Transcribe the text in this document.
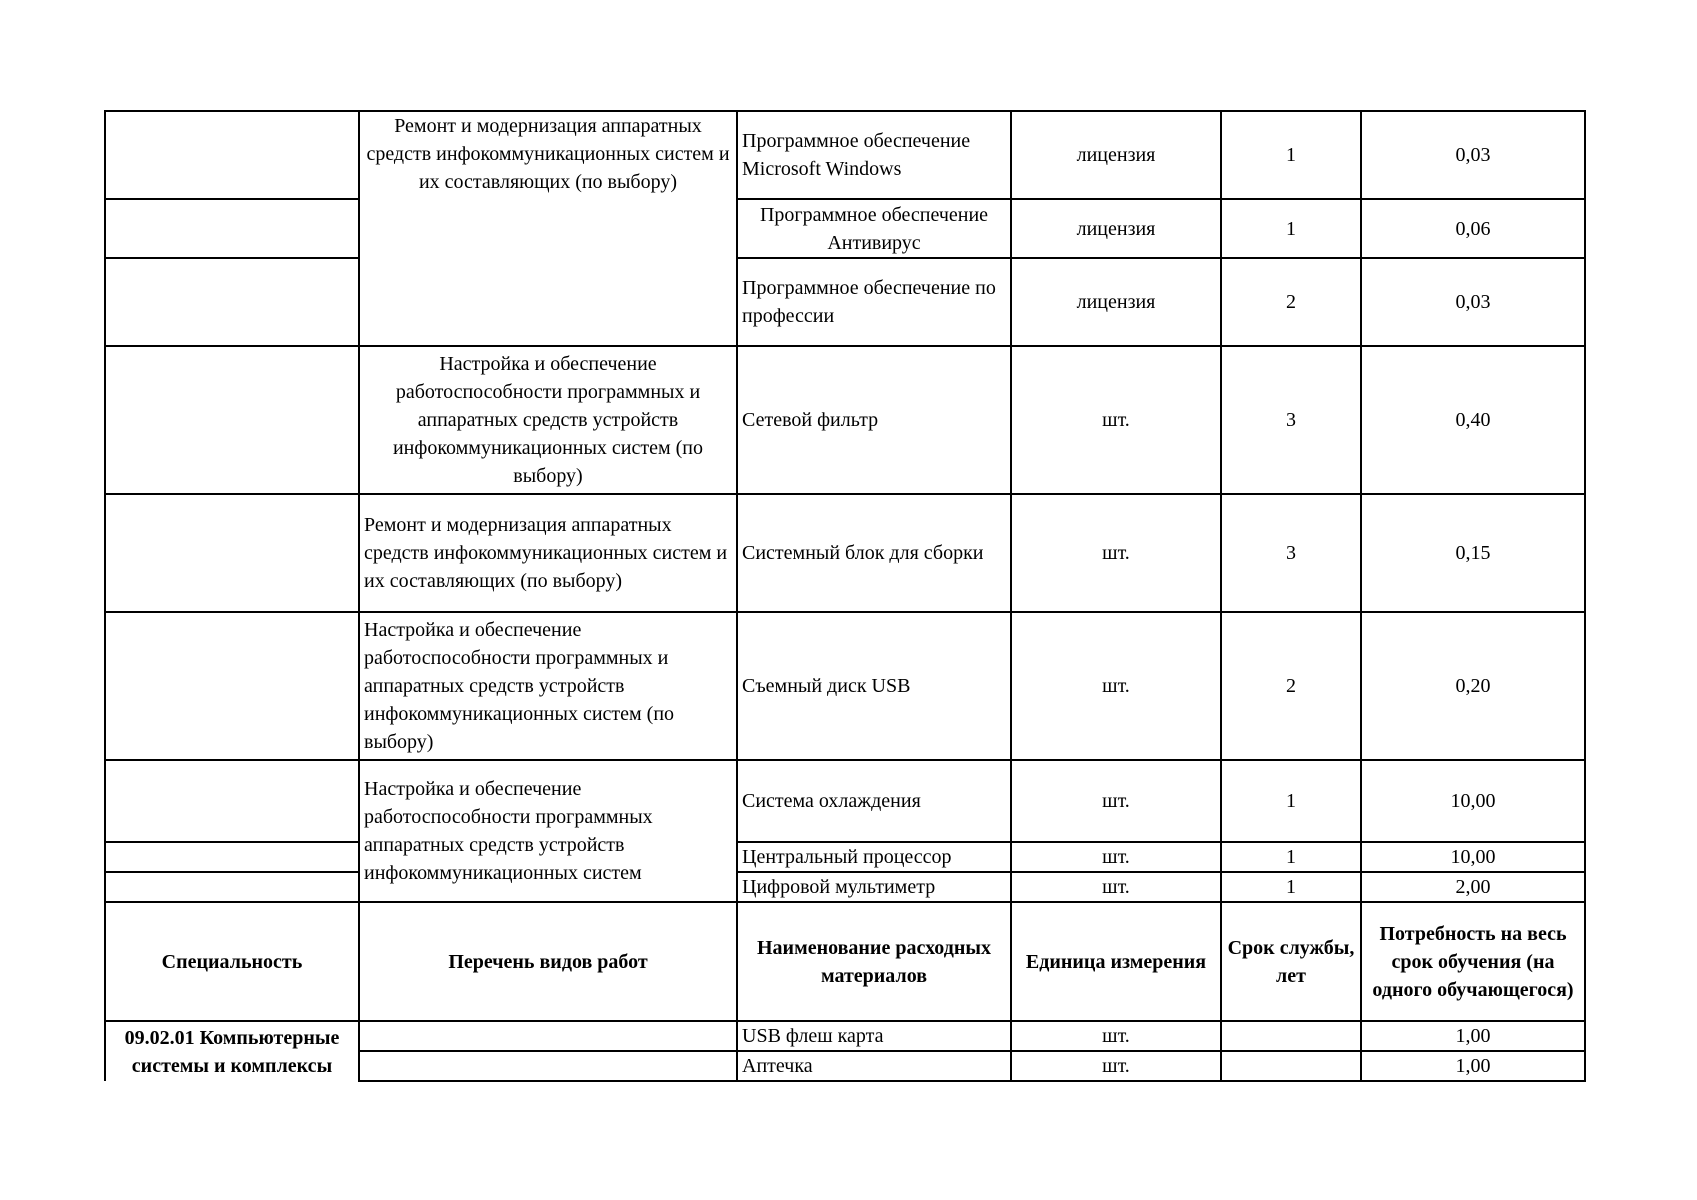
	Ремонт и модернизация аппаратных средств инфокоммуникационных систем и их составляющих (по выбору)	Программное обеспечение Microsoft Windows	лицензия	1	0,03
		Программное обеспечение Антивирус	лицензия	1	0,06
		Программное обеспечение по профессии	лицензия	2	0,03
	Настройка и обеспечение работоспособности программных и аппаратных средств устройств инфокоммуникационных систем (по выбору)	Сетевой фильтр	шт.	3	0,40
	Ремонт и модернизация аппаратных средств инфокоммуникационных систем и их составляющих (по выбору)	Системный блок для сборки	шт.	3	0,15
	Настройка и обеспечение работоспособности программных и аппаратных средств устройств инфокоммуникационных систем (по выбору)	Съемный диск USB	шт.	2	0,20
	Настройка и обеспечение работоспособности программных аппаратных средств устройств инфокоммуникационных систем	Система охлаждения	шт.	1	10,00
		Центральный процессор	шт.	1	10,00
		Цифровой мультиметр	шт.	1	2,00
Специальность	Перечень видов работ	Наименование расходных материалов	Единица измерения	Срок службы, лет	Потребность на весь срок обучения (на одного обучающегося)
09.02.01 Компьютерные системы и комплексы		USB флеш карта	шт.		1,00
		Аптечка	шт.		1,00
